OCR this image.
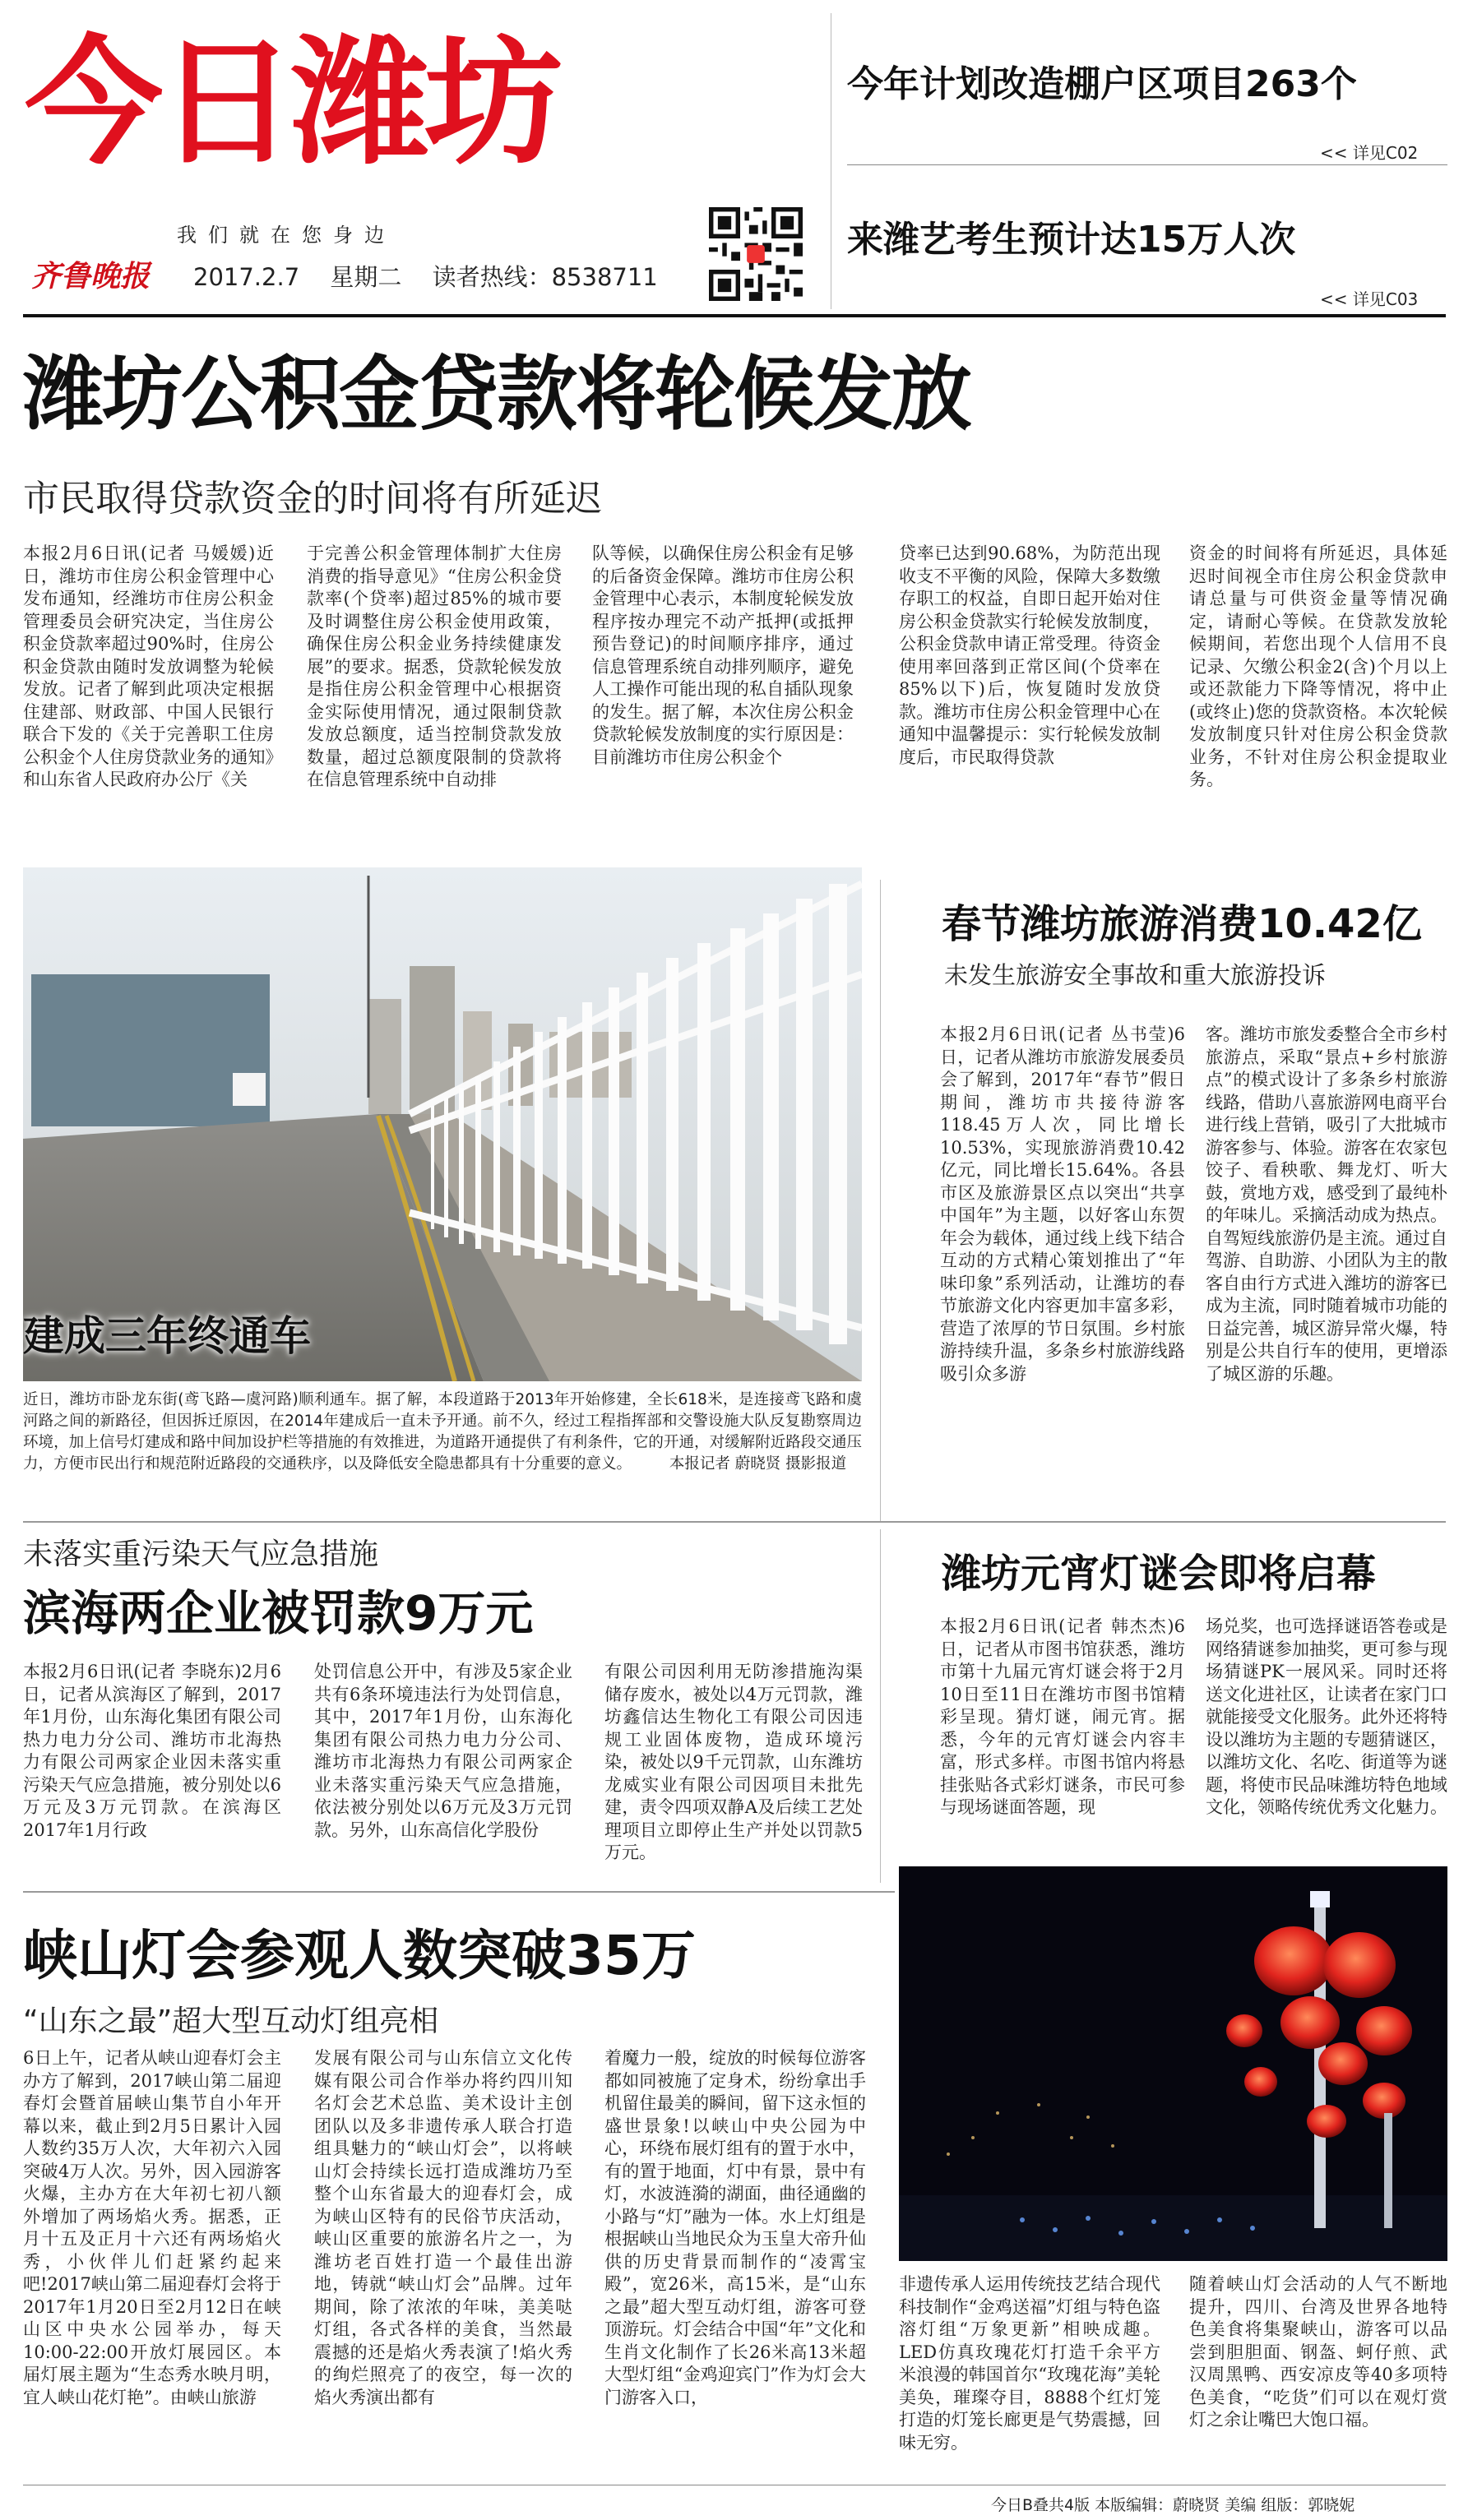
今日潍坊
我们就在您身边
齐鲁晚报 2017.2.7 星期二 读者热线：8538711
今年计划改造棚户区项目263个
<< 详见C02
来潍艺考生预计达15万人次
<< 详见C03
潍坊公积金贷款将轮候发放
市民取得贷款资金的时间将有所延迟
本报2月6日讯(记者 马媛媛)近日，潍坊市住房公积金管理中心发布通知，经潍坊市住房公积金管理委员会研究决定，当住房公积金贷款率超过90%时，住房公积金贷款由随时发放调整为轮候发放。记者了解到此项决定根据住建部、财政部、中国人民银行联合下发的《关于完善职工住房公积金个人住房贷款业务的通知》和山东省人民政府办公厅《关
于完善公积金管理体制扩大住房消费的指导意见》“住房公积金贷款率(个贷率)超过85%的城市要及时调整住房公积金使用政策，确保住房公积金业务持续健康发展”的要求。据悉，贷款轮候发放是指住房公积金管理中心根据资金实际使用情况，通过限制贷款发放总额度，适当控制贷款发放数量，超过总额度限制的贷款将在信息管理系统中自动排
队等候，以确保住房公积金有足够的后备资金保障。潍坊市住房公积金管理中心表示，本制度轮候发放程序按办理完不动产抵押(或抵押预告登记)的时间顺序排序，通过信息管理系统自动排列顺序，避免人工操作可能出现的私自插队现象的发生。据了解，本次住房公积金贷款轮候发放制度的实行原因是：目前潍坊市住房公积金个
贷率已达到90.68%，为防范出现收支不平衡的风险，保障大多数缴存职工的权益，自即日起开始对住房公积金贷款实行轮候发放制度，公积金贷款申请正常受理。待资金使用率回落到正常区间(个贷率在85%以下)后，恢复随时发放贷款。潍坊市住房公积金管理中心在通知中温馨提示：实行轮候发放制度后，市民取得贷款
资金的时间将有所延迟，具体延迟时间视全市住房公积金贷款申请总量与可供资金量等情况确定，请耐心等候。在贷款发放轮候期间，若您出现个人信用不良记录、欠缴公积金2(含)个月以上或还款能力下降等情况，将中止(或终止)您的贷款资格。本次轮候发放制度只针对住房公积金贷款业务，不针对住房公积金提取业务。
建成三年终通车
近日，潍坊市卧龙东街(鸢飞路—虞河路)顺利通车。据了解，本段道路于2013年开始修建，全长618米，是连接鸢飞路和虞河路之间的新路径，但因拆迁原因，在2014年建成后一直未予开通。前不久，经过工程指挥部和交警设施大队反复勘察周边环境，加上信号灯建成和路中间加设护栏等措施的有效推进，为道路开通提供了有利条件，它的开通，对缓解附近路段交通压力，方便市民出行和规范附近路段的交通秩序，以及降低安全隐患都具有十分重要的意义。 本报记者 蔚晓贤 摄影报道
春节潍坊旅游消费10.42亿
未发生旅游安全事故和重大旅游投诉
本报2月6日讯(记者 丛书莹)6日，记者从潍坊市旅游发展委员会了解到，2017年“春节”假日期间，潍坊市共接待游客118.45万人次，同比增长10.53%，实现旅游消费10.42亿元，同比增长15.64%。各县市区及旅游景区点以突出“共享中国年”为主题，以好客山东贺年会为载体，通过线上线下结合互动的方式精心策划推出了“年味印象”系列活动，让潍坊的春节旅游文化内容更加丰富多彩，营造了浓厚的节日氛围。乡村旅游持续升温，多条乡村旅游线路吸引众多游
客。潍坊市旅发委整合全市乡村旅游点，采取“景点+乡村旅游点”的模式设计了多条乡村旅游线路，借助八喜旅游网电商平台进行线上营销，吸引了大批城市游客参与、体验。游客在农家包饺子、看秧歌、舞龙灯、听大鼓，赏地方戏，感受到了最纯朴的年味儿。采摘活动成为热点。自驾短线旅游仍是主流。通过自驾游、自助游、小团队为主的散客自由行方式进入潍坊的游客已成为主流，同时随着城市功能的日益完善，城区游异常火爆，特别是公共自行车的使用，更增添了城区游的乐趣。
未落实重污染天气应急措施
滨海两企业被罚款9万元
本报2月6日讯(记者 李晓东)2月6日，记者从滨海区了解到，2017年1月份，山东海化集团有限公司热力电力分公司、潍坊市北海热力有限公司两家企业因未落实重污染天气应急措施，被分别处以6万元及3万元罚款。在滨海区2017年1月行政
处罚信息公开中，有涉及5家企业共有6条环境违法行为处罚信息，其中，2017年1月份，山东海化集团有限公司热力电力分公司、潍坊市北海热力有限公司两家企业未落实重污染天气应急措施，依法被分别处以6万元及3万元罚款。另外，山东高信化学股份
有限公司因利用无防渗措施沟渠储存废水，被处以4万元罚款，潍坊鑫信达生物化工有限公司因违规工业固体废物，造成环境污染，被处以9千元罚款，山东潍坊龙威实业有限公司因项目未批先建，责令四项双静A及后续工艺处理项目立即停止生产并处以罚款5万元。
潍坊元宵灯谜会即将启幕
本报2月6日讯(记者 韩杰杰)6日，记者从市图书馆获悉，潍坊市第十九届元宵灯谜会将于2月10日至11日在潍坊市图书馆精彩呈现。猜灯谜，闹元宵。据悉，今年的元宵灯谜会内容丰富，形式多样。市图书馆内将悬挂张贴各式彩灯谜条，市民可参与现场谜面答题，现
场兑奖，也可选择谜语答卷或是网络猜谜参加抽奖，更可参与现场猜谜PK一展风采。同时还将送文化进社区，让读者在家门口就能接受文化服务。此外还将特设以潍坊为主题的专题猜谜区，以潍坊文化、名吃、街道等为谜题，将使市民品味潍坊特色地域文化，领略传统优秀文化魅力。
峡山灯会参观人数突破35万
“山东之最”超大型互动灯组亮相
6日上午，记者从峡山迎春灯会主办方了解到，2017峡山第二届迎春灯会暨首届峡山集节自小年开幕以来，截止到2月5日累计入园人数约35万人次，大年初六入园突破4万人次。另外，因入园游客火爆，主办方在大年初七初八额外增加了两场焰火秀。据悉，正月十五及正月十六还有两场焰火秀，小伙伴儿们赶紧约起来吧!2017峡山第二届迎春灯会将于2017年1月20日至2月12日在峡山区中央水公园举办，每天10:00-22:00开放灯展园区。本届灯展主题为“生态秀水映月明，宜人峡山花灯艳”。由峡山旅游
发展有限公司与山东信立文化传媒有限公司合作举办将约四川知名灯会艺术总监、美术设计主创团队以及多非遗传承人联合打造组具魅力的“峡山灯会”，以将峡山灯会持续长远打造成潍坊乃至整个山东省最大的迎春灯会，成为峡山区特有的民俗节庆活动，峡山区重要的旅游名片之一，为潍坊老百姓打造一个最佳出游地，铸就“峡山灯会”品牌。过年期间，除了浓浓的年味，美美哒灯组，各式各样的美食，当然最震撼的还是焰火秀表演了!焰火秀的绚烂照亮了的夜空，每一次的焰火秀演出都有
着魔力一般，绽放的时候每位游客都如同被施了定身术，纷纷拿出手机留住最美的瞬间，留下这永恒的盛世景象!以峡山中央公园为中心，环绕布展灯组有的置于水中，有的置于地面，灯中有景，景中有灯，水波涟漪的湖面，曲径通幽的小路与“灯”融为一体。水上灯组是根据峡山当地民众为玉皇大帝升仙供的历史背景而制作的“凌霄宝殿”，宽26米，高15米，是“山东之最”超大型互动灯组，游客可登顶游玩。灯会结合中国“年”文化和生肖文化制作了长26米高13米超大型灯组“金鸡迎宾门”作为灯会大门游客入口，
非遗传承人运用传统技艺结合现代科技制作“金鸡送福”灯组与特色盗溶灯组“万象更新”相映成趣。LED仿真玫瑰花灯打造千余平方米浪漫的韩国首尔“玫瑰花海”美轮美奂，璀璨夺目，8888个红灯笼打造的灯笼长廊更是气势震撼，回味无穷。
随着峡山灯会活动的人气不断地提升，四川、台湾及世界各地特色美食将集聚峡山，游客可以品尝到胆胆面、钢盔、蚵仔煎、武汉周黑鸭、西安凉皮等40多项特色美食，“吃货”们可以在观灯赏灯之余让嘴巴大饱口福。
今日B叠共4版 本版编辑：蔚晓贤 美编 组版：郭晓妮
